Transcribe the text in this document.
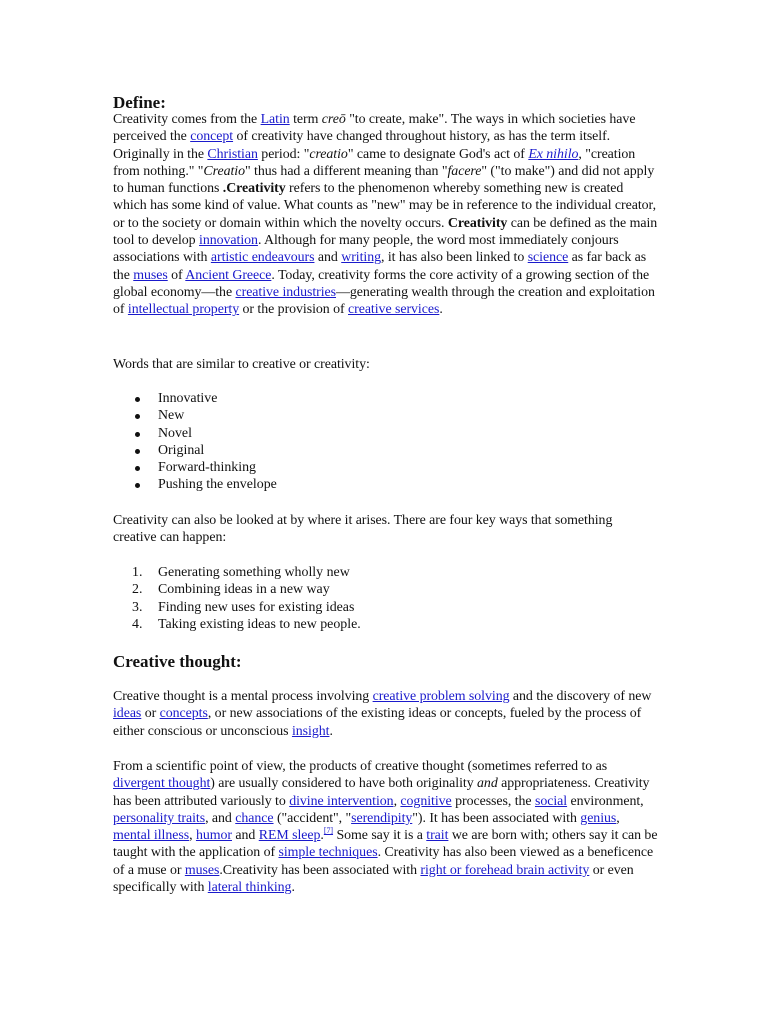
Define:

Creativity comes from the Latin term creō "to create, make". The ways in which societies have perceived the concept of creativity have changed throughout history, as has the term itself. Originally in the Christian period: "creatio" came to designate God's act of Ex nihilo, "creation from nothing." "Creatio" thus had a different meaning than "facere" ("to make") and did not apply to human functions .Creativity refers to the phenomenon whereby something new is created which has some kind of value. What counts as "new" may be in reference to the individual creator, or to the society or domain within which the novelty occurs. Creativity can be defined as the main tool to develop innovation. Although for many people, the word most immediately conjours associations with artistic endeavours and writing, it has also been linked to science as far back as the muses of Ancient Greece. Today, creativity forms the core activity of a growing section of the global economy—the creative industries—generating wealth through the creation and exploitation of intellectual property or the provision of creative services.

Words that are similar to creative or creativity:

Innovative
New
Novel
Original
Forward-thinking
Pushing the envelope

Creativity can also be looked at by where it arises. There are four key ways that something creative can happen:

1. Generating something wholly new
2. Combining ideas in a new way
3. Finding new uses for existing ideas
4. Taking existing ideas to new people.
Creative thought:

Creative thought is a mental process involving creative problem solving and the discovery of new ideas or concepts, or new associations of the existing ideas or concepts, fueled by the process of either conscious or unconscious insight.

From a scientific point of view, the products of creative thought (sometimes referred to as divergent thought) are usually considered to have both originality and appropriateness. Creativity has been attributed variously to divine intervention, cognitive processes, the social environment, personality traits, and chance ("accident", "serendipity"). It has been associated with genius, mental illness, humor and REM sleep.[7] Some say it is a trait we are born with; others say it can be taught with the application of simple techniques. Creativity has also been viewed as a beneficence of a muse or muses.Creativity has been associated with right or forehead brain activity or even specifically with lateral thinking.
